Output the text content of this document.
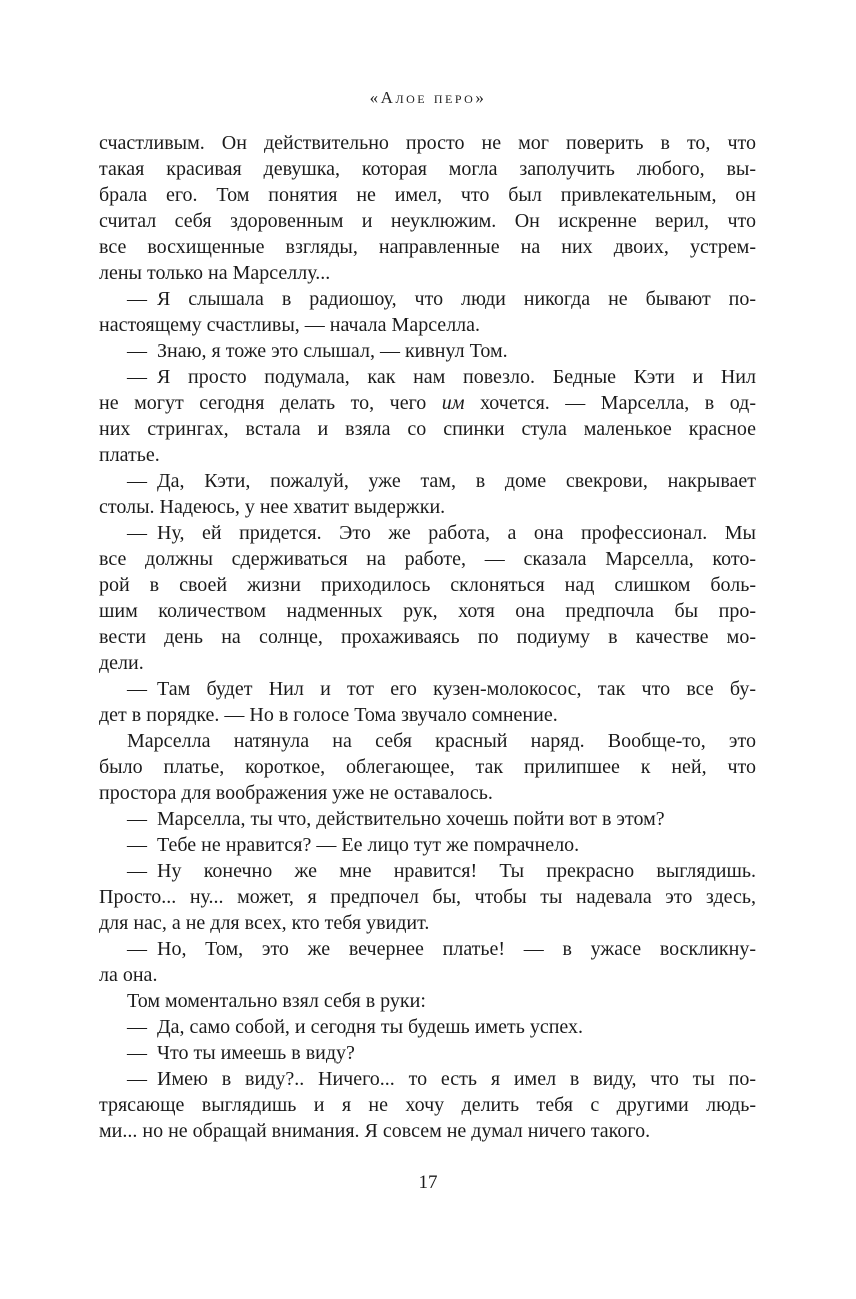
«Алое перо»
счастливым. Он действительно просто не мог поверить в то, что
такая красивая девушка, которая могла заполучить любого, вы-
брала его. Том понятия не имел, что был привлекательным, он
считал себя здоровенным и неуклюжим. Он искренне верил, что
все восхищенные взгляды, направленные на них двоих, устрем-
лены только на Марселлу...
— Я слышала в радиошоу, что люди никогда не бывают по-
настоящему счастливы, — начала Марселла.
— Знаю, я тоже это слышал, — кивнул Том.
— Я просто подумала, как нам повезло. Бедные Кэти и Нил
не могут сегодня делать то, чего им хочется. — Марселла, в од-
них стрингах, встала и взяла со спинки стула маленькое красное
платье.
— Да, Кэти, пожалуй, уже там, в доме свекрови, накрывает
столы. Надеюсь, у нее хватит выдержки.
— Ну, ей придется. Это же работа, а она профессионал. Мы
все должны сдерживаться на работе, — сказала Марселла, кото-
рой в своей жизни приходилось склоняться над слишком боль-
шим количеством надменных рук, хотя она предпочла бы про-
вести день на солнце, прохаживаясь по подиуму в качестве мо-
дели.
— Там будет Нил и тот его кузен-молокосос, так что все бу-
дет в порядке. — Но в голосе Тома звучало сомнение.
Марселла натянула на себя красный наряд. Вообще-то, это
было платье, короткое, облегающее, так прилипшее к ней, что
простора для воображения уже не оставалось.
— Марселла, ты что, действительно хочешь пойти вот в этом?
— Тебе не нравится? — Ее лицо тут же помрачнело.
— Ну конечно же мне нравится! Ты прекрасно выглядишь.
Просто... ну... может, я предпочел бы, чтобы ты надевала это здесь,
для нас, а не для всех, кто тебя увидит.
— Но, Том, это же вечернее платье! — в ужасе воскликну-
ла она.
Том моментально взял себя в руки:
— Да, само собой, и сегодня ты будешь иметь успех.
— Что ты имеешь в виду?
— Имею в виду?.. Ничего... то есть я имел в виду, что ты по-
трясающе выглядишь и я не хочу делить тебя с другими людь-
ми... но не обращай внимания. Я совсем не думал ничего такого.
17
